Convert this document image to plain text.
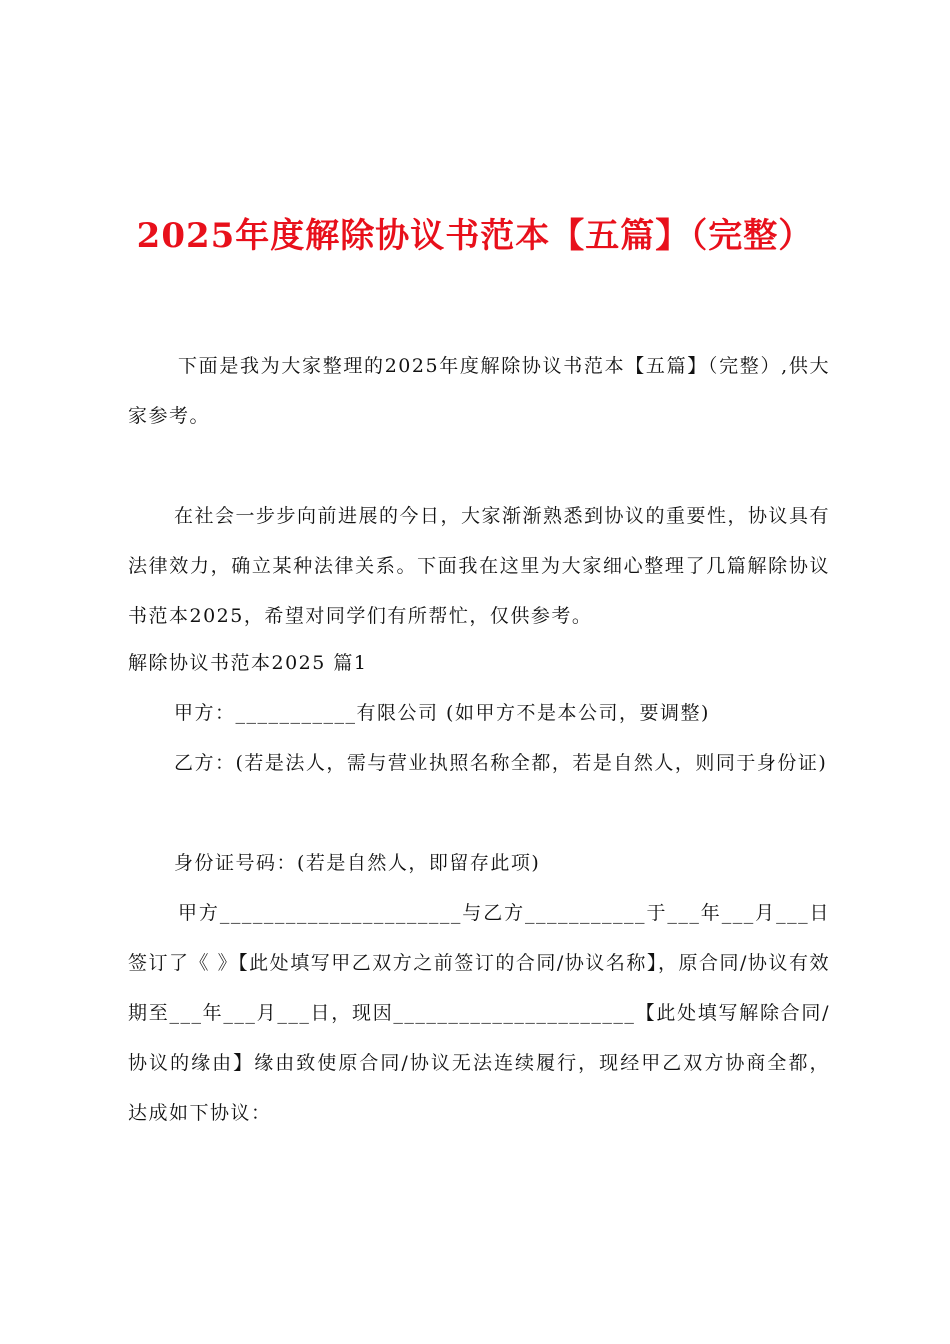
2025年度解除协议书范本【五篇】（完整）
下面是我为大家整理的2025年度解除协议书范本【五篇】（完整）,供大家参考。
在社会一步步向前进展的今日，大家渐渐熟悉到协议的重要性，协议具有法律效力，确立某种法律关系。下面我在这里为大家细心整理了几篇解除协议书范本2025，希望对同学们有所帮忙，仅供参考。
解除协议书范本2025 篇1
甲方：___________有限公司 (如甲方不是本公司，要调整)
乙方：(若是法人，需与营业执照名称全都，若是自然人，则同于身份证)
身份证号码：(若是自然人，即留存此项)
甲方______________________与乙方___________于___年___月___日签订了《 》【此处填写甲乙双方之前签订的合同/协议名称】，原合同/协议有效期至___年___月___日，现因______________________【此处填写解除合同/协议的缘由】缘由致使原合同/协议无法连续履行，现经甲乙双方协商全都，达成如下协议：
